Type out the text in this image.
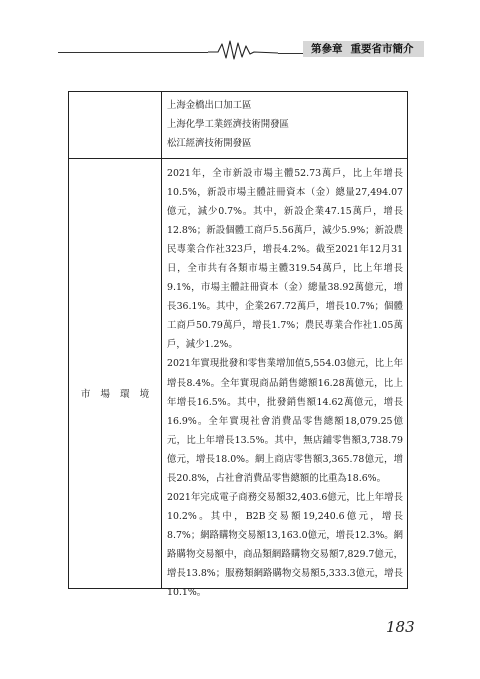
第參章 重要省市簡介
上海金橋出口加工區
上海化學工業經濟技術開發區
松江經濟技術開發區
市場環境

2021年，全市新設市場主體52.73萬戶，比上年增長10.5%，新設市場主體註冊資本（金）總量27,494.07億元，減少0.7%。其中，新設企業47.15萬戶，增長12.8%；新設個體工商戶5.56萬戶，減少5.9%；新設農民專業合作社323戶，增長4.2%。截至2021年12月31日，全市共有各類市場主體319.54萬戶，比上年增長9.1%，市場主體註冊資本（金）總量38.92萬億元，增長36.1%。其中，企業267.72萬戶，增長10.7%；個體工商戶50.79萬戶，增長1.7%；農民專業合作社1.05萬戶，減少1.2%。

2021年實現批發和零售業增加值5,554.03億元，比上年增長8.4%。全年實現商品銷售總額16.28萬億元，比上年增長16.5%。其中，批發銷售額14.62萬億元，增長16.9%。全年實現社會消費品零售總額18,079.25億元，比上年增長13.5%。其中，無店鋪零售額3,738.79億元，增長18.0%。網上商店零售額3,365.78億元，增長20.8%，占社會消費品零售總額的比重為18.6%。

2021年完成電子商務交易額32,403.6億元，比上年增長10.2%。其中，B2B交易額19,240.6億元，增長8.7%；網路購物交易額13,163.0億元，增長12.3%。網路購物交易額中，商品類網路購物交易額7,829.7億元，增長13.8%；服務類網路購物交易額5,333.3億元，增長10.1%。

183
